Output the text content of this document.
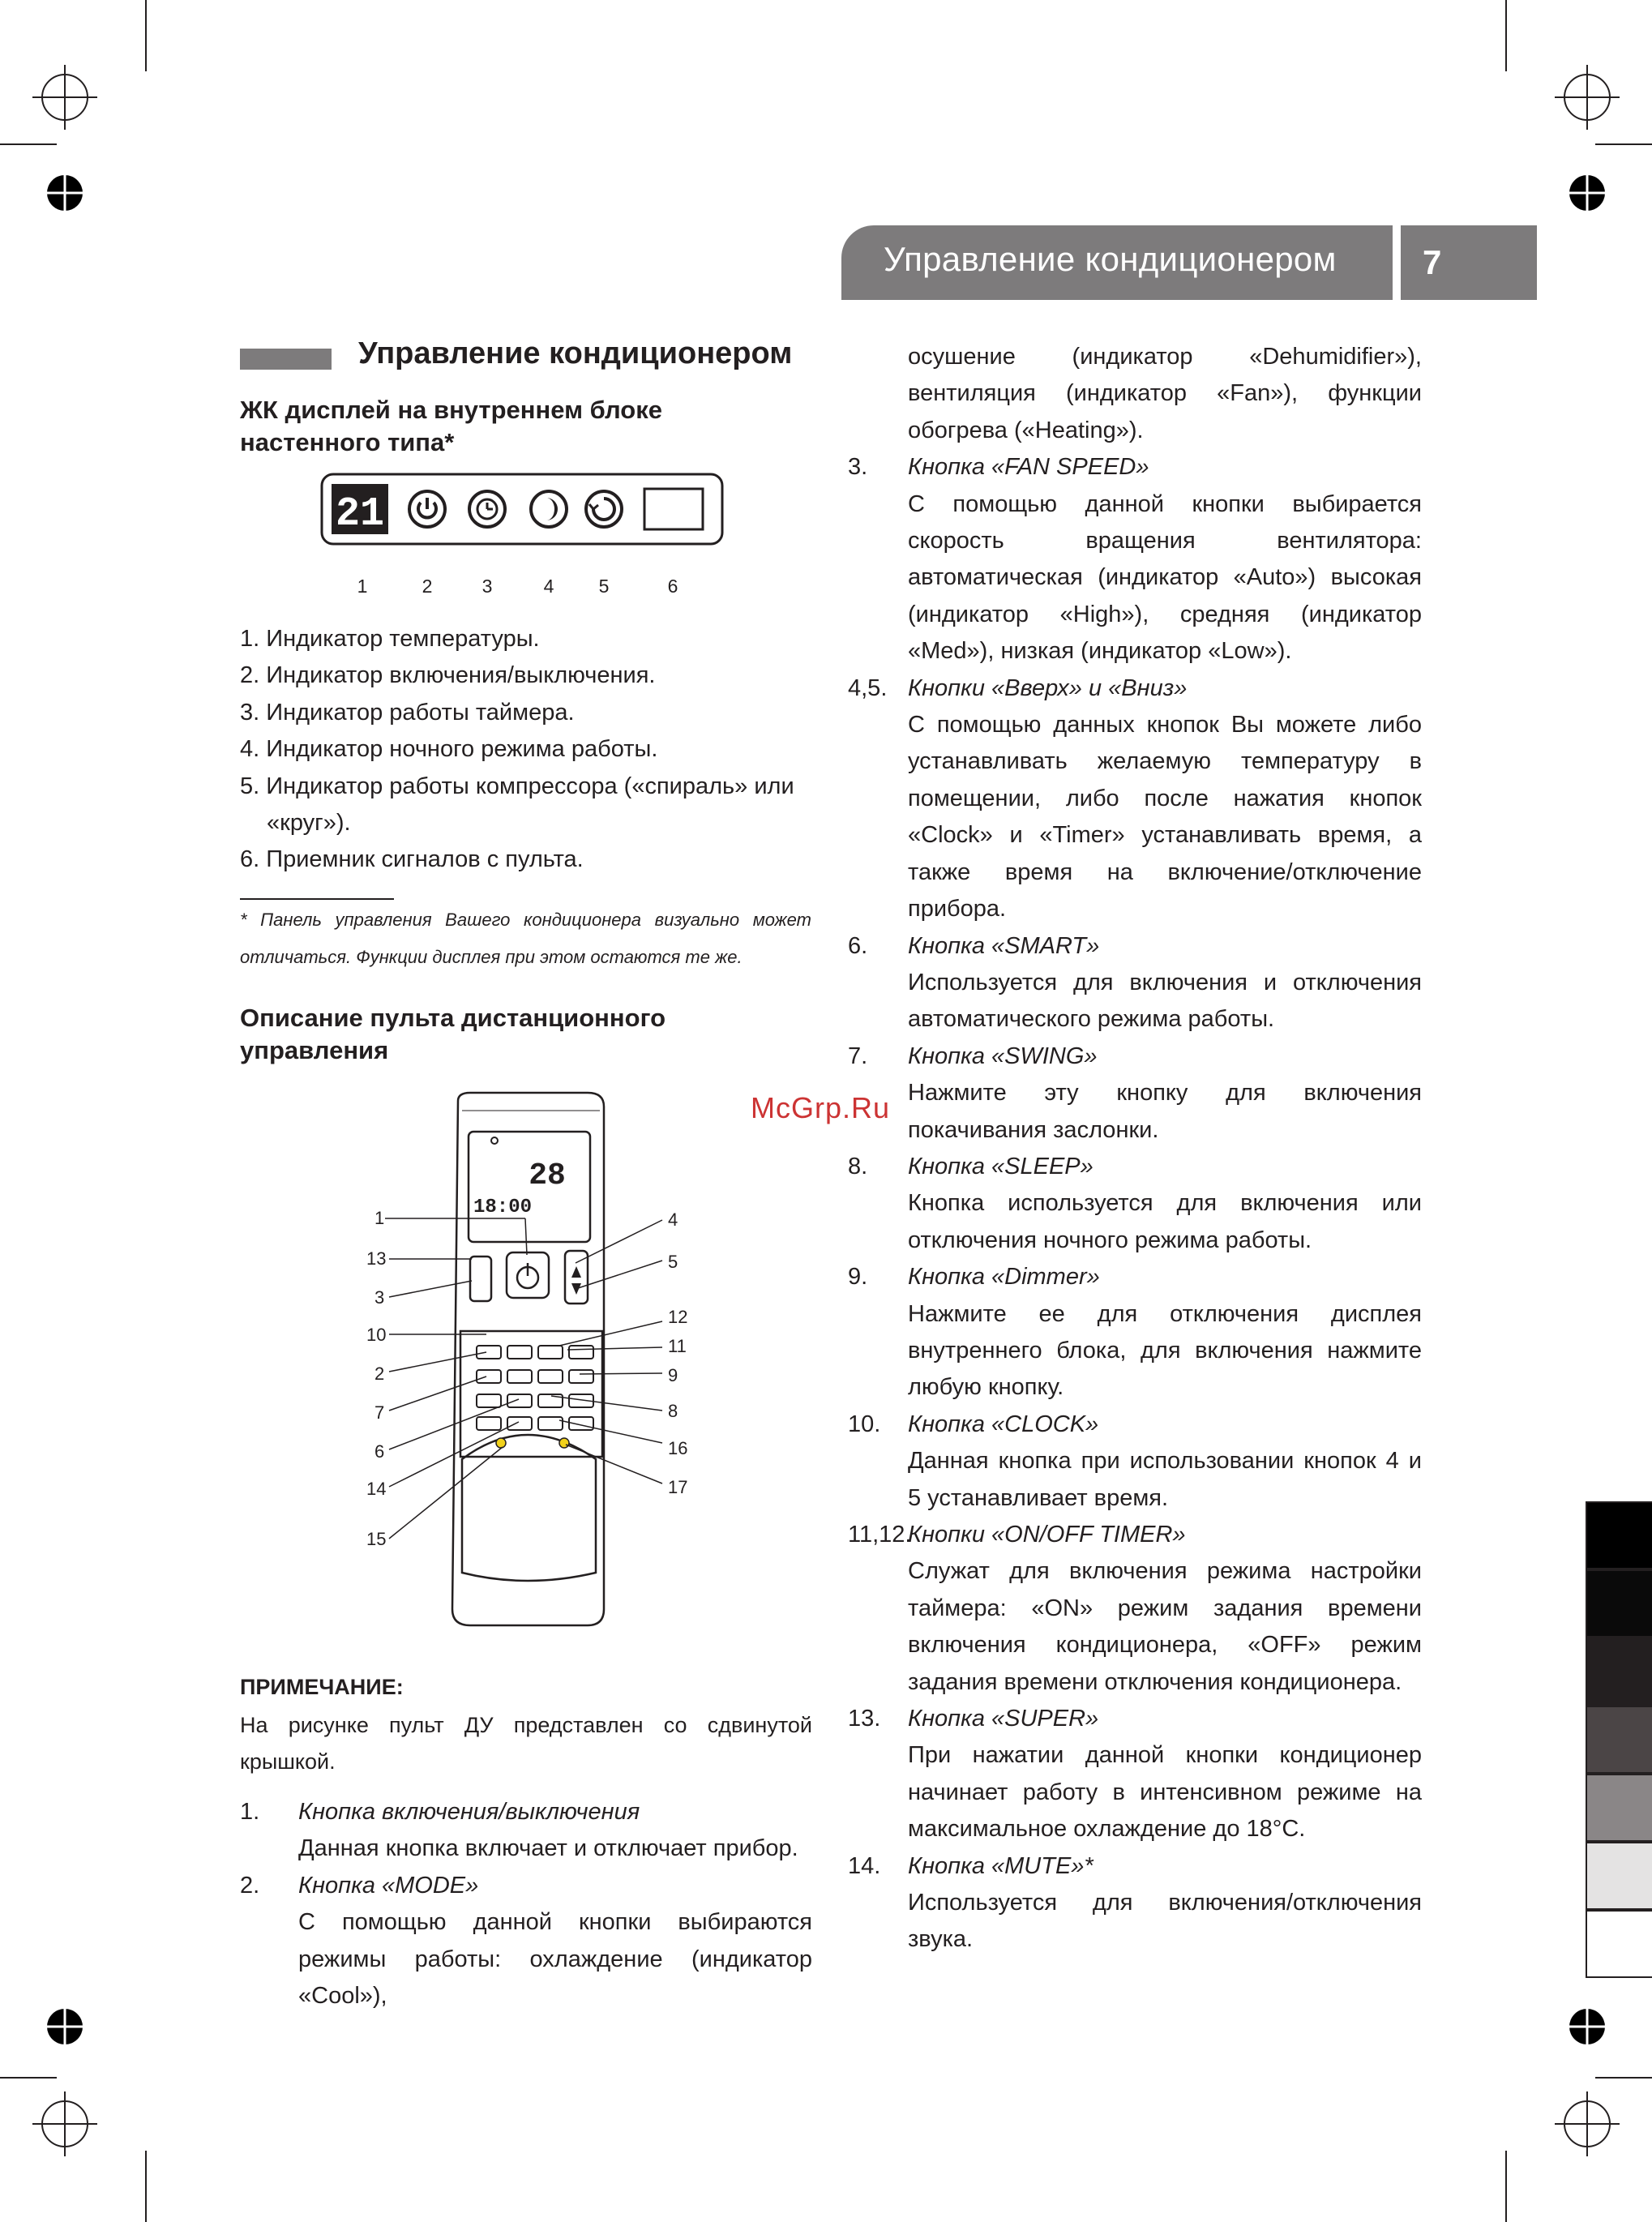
Управление кондиционером	7
Управление кондиционером
ЖК дисплей на внутреннем блоке настенного типа*
21
1	2	3	4	5	6
1. Индикатор температуры.
2. Индикатор включения/выключения.
3. Индикатор работы таймера.
4. Индикатор ночного режима работы.
5. Индикатор работы компрессора («спираль» или «круг»).
6. Приемник сигналов с пульта.
* Панель управления Вашего кондиционера визуально может отличаться. Функции дисплея при этом остаются те же.
Описание пульта дистанционного управления
28
18:00
1
13
3
10
2
7
6
14
15
4
5
12
11
9
8
16
17
ПРИМЕЧАНИЕ:
На рисунке пульт ДУ представлен со сдвинутой крышкой.
1. Кнопка включения/выключения
Данная кнопка включает и отключает прибор.
2. Кнопка «MODE»
С помощью данной кнопки выбираются режимы работы: охлаждение (индикатор «Cool»),
осушение (индикатор «Dehumidifier»), вентиляция (индикатор «Fan»), функции обогрева («Heating»).
3. Кнопка «FAN SPEED»
С помощью данной кнопки выбирается скорость вращения вентилятора: автоматическая (индикатор «Auto») высокая (индикатор «High»), средняя (индикатор «Med»), низкая (индикатор «Low»).
4,5. Кнопки «Вверх» и «Вниз»
С помощью данных кнопок Вы можете либо устанавливать желаемую температуру в помещении, либо после нажатия кнопок «Clock» и «Timer» устанавливать время, а также время на включение/отключение прибора.
6. Кнопка «SMART»
Используется для включения и отключения автоматического режима работы.
7. Кнопка «SWING»
Нажмите эту кнопку для включения покачивания заслонки.
8. Кнопка «SLEEP»
Кнопка используется для включения или отключения ночного режима работы.
9. Кнопка «Dimmer»
Нажмите ее для отключения дисплея внутреннего блока, для включения нажмите любую кнопку.
10. Кнопка «CLOCK»
Данная кнопка при использовании кнопок 4 и 5 устанавливает время.
11,12.
Кнопки «ON/OFF TIMER»
Служат для включения режима настройки таймера: «ON» режим задания времени включения кондиционера, «OFF» режим задания времени отключения кондиционера.
13. Кнопка «SUPER»
При нажатии данной кнопки кондиционер начинает работу в интенсивном режиме на максимальное охлаждение до 18°C.
14. Кнопка «MUTE»*
Используется для включения/отключения звука.
McGrp.Ru
